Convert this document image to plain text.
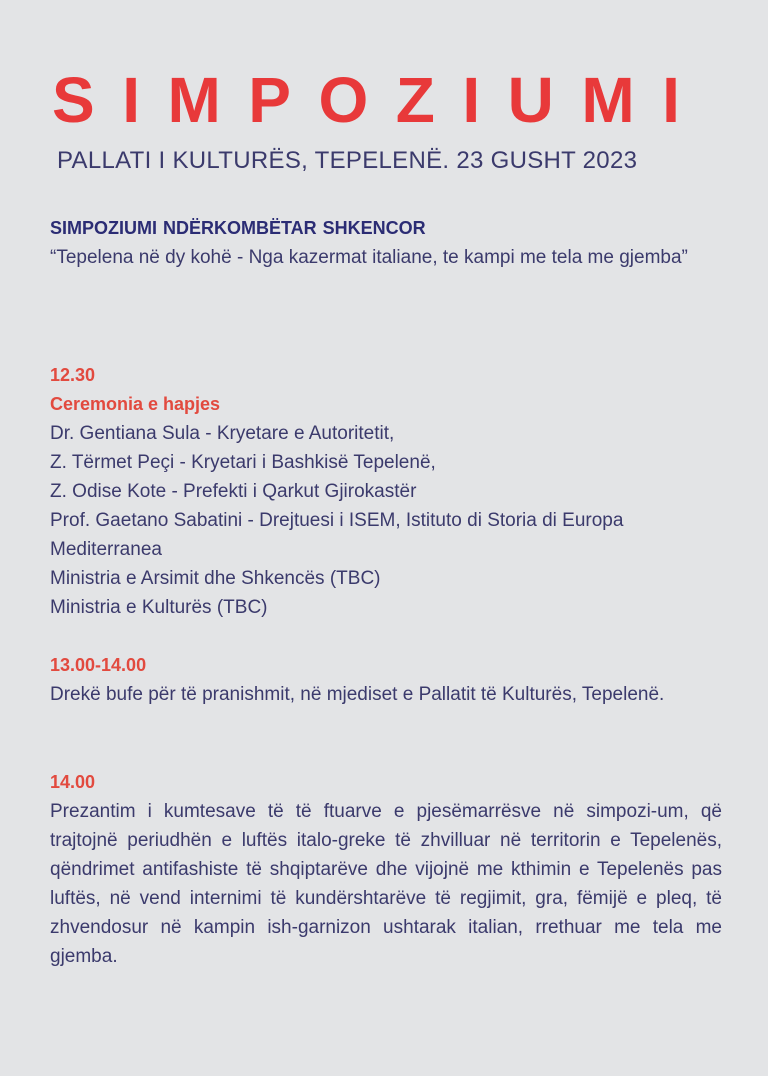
SIMPOZIUMI
PALLATI I KULTURËS, TEPELENË. 23 GUSHT 2023
SIMPOZIUMI NDËRKOMBËTAR SHKENCOR
“Tepelena në dy kohë - Nga kazermat italiane, te kampi me tela me gjemba”
12.30
Ceremonia e hapjes
Dr. Gentiana Sula - Kryetare e Autoritetit,
Z. Tërmet Peçi - Kryetari i Bashkisë Tepelenë,
Z. Odise Kote - Prefekti i Qarkut Gjirokastër
Prof. Gaetano Sabatini - Drejtuesi i ISEM, Istituto di Storia di Europa
Mediterranea
Ministria e Arsimit dhe Shkencës (TBC)
Ministria e Kulturës (TBC)
13.00-14.00
Drekë bufe për të pranishmit, në mjediset e Pallatit të Kulturës, Tepelenë.
14.00
Prezantim i kumtesave të të ftuarve e pjesëmarrësve në simpozi-um, që trajtojnë periudhën e luftës italo-greke të zhvilluar në territorin e Tepelenës, qëndrimet antifashiste të shqiptarëve dhe vijojnë me kthimin e Tepelenës pas luftës, në vend internimi të kundërshtarëve të regjimit, gra, fëmijë e pleq, të zhvendosur në kampin ish-garnizon ushtarak italian, rrethuar me tela me gjemba.
